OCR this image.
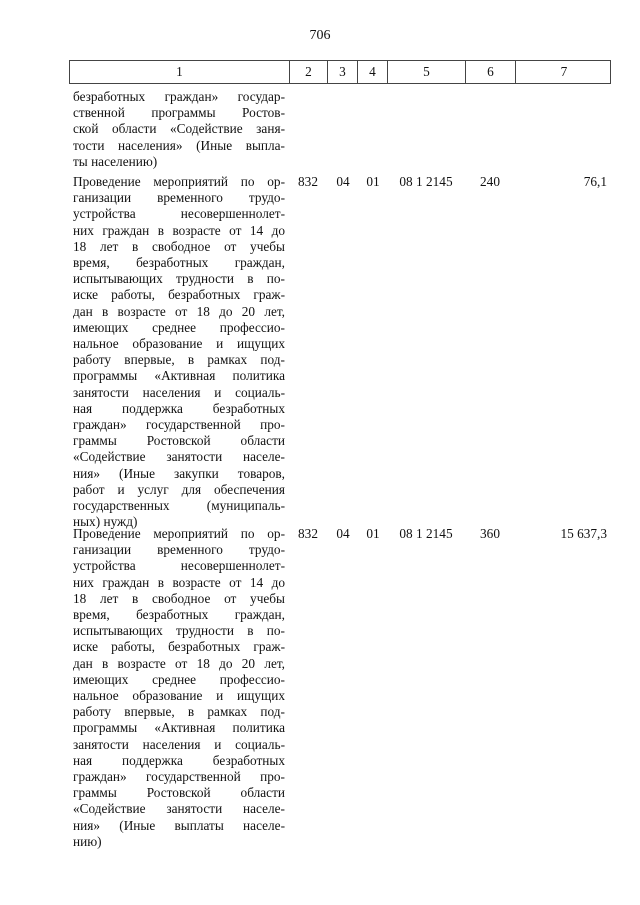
706
1	2	3	4	5	6	7
безработных граждан» государ-
ственной программы Ростов-
ской области «Содействие заня-
тости населения» (Иные выпла-
ты населению)
Проведение мероприятий по ор-
ганизации временного трудо-
устройства несовершеннолет-
них граждан в возрасте от 14 до
18 лет в свободное от учебы
время, безработных граждан,
испытывающих трудности в по-
иске работы, безработных граж-
дан в возрасте от 18 до 20 лет,
имеющих среднее профессио-
нальное образование и ищущих
работу впервые, в рамках под-
программы «Активная политика
занятости населения и социаль-
ная поддержка безработных
граждан» государственной про-
граммы Ростовской области
«Содействие занятости населе-
ния» (Иные закупки товаров,
работ и услуг для обеспечения
государственных (муниципаль-
ных) нужд)
832	04	01	08 1 2145	240	76,1
Проведение мероприятий по ор-
ганизации временного трудо-
устройства несовершеннолет-
них граждан в возрасте от 14 до
18 лет в свободное от учебы
время, безработных граждан,
испытывающих трудности в по-
иске работы, безработных граж-
дан в возрасте от 18 до 20 лет,
имеющих среднее профессио-
нальное образование и ищущих
работу впервые, в рамках под-
программы «Активная политика
занятости населения и социаль-
ная поддержка безработных
граждан» государственной про-
граммы Ростовской области
«Содействие занятости населе-
ния» (Иные выплаты населе-
нию)
832	04	01	08 1 2145	360	15 637,3
